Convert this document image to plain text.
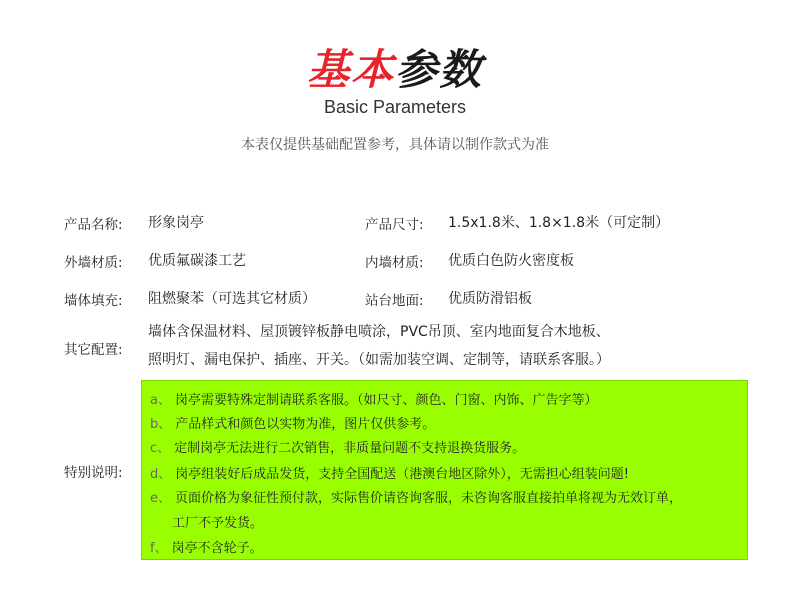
基本参数
Basic Parameters
本表仅提供基础配置参考，具体请以制作款式为准
产品名称: 形象岗亭	产品尺寸: 1.5x1.8米、1.8×1.8米（可定制）
外墙材质: 优质氟碳漆工艺	内墙材质: 优质白色防火密度板
墙体填充: 阻燃聚苯（可选其它材质）	站台地面: 优质防滑铝板
其它配置:
墙体含保温材料、屋顶镀锌板静电喷涂，PVC吊顶、室内地面复合木地板、
照明灯、漏电保护、插座、开关。（如需加装空调、定制等，请联系客服。）
特别说明:
a、 岗亭需要特殊定制请联系客服。（如尺寸、颜色、门窗、内饰、广告字等）
b、 产品样式和颜色以实物为准，图片仅供参考。
c、 定制岗亭无法进行二次销售，非质量问题不支持退换货服务。
d、 岗亭组装好后成品发货，支持全国配送（港澳台地区除外），无需担心组装问题!
e、 页面价格为象征性预付款，实际售价请咨询客服，未咨询客服直接拍单将视为无效订单，
工厂不予发货。
f、 岗亭不含轮子。
